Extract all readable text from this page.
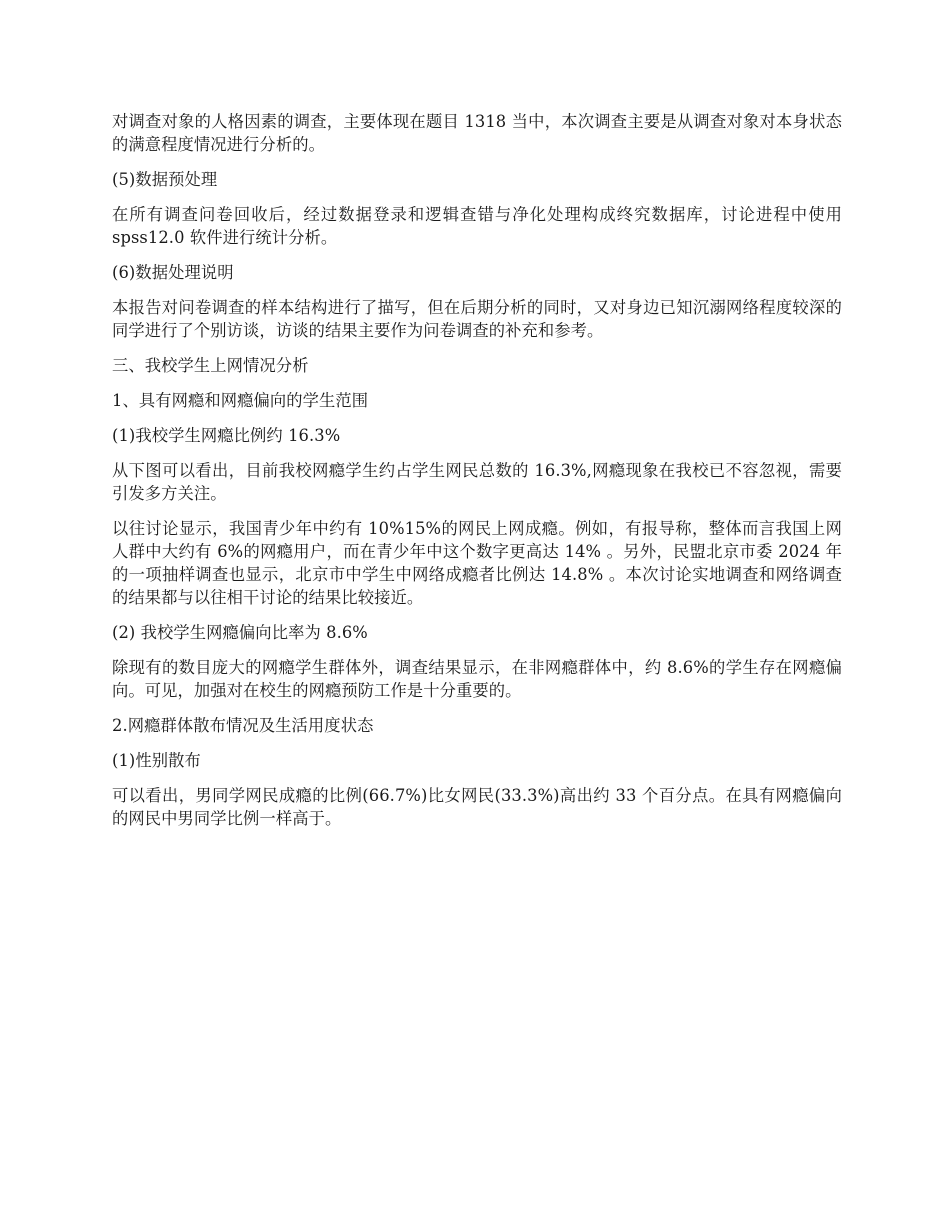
对调查对象的人格因素的调查，主要体现在题目 1318 当中，本次调查主要是从调查对象对本身状态的满意程度情况进行分析的。

(5)数据预处理

在所有调查问卷回收后，经过数据登录和逻辑查错与净化处理构成终究数据库，讨论进程中使用 spss12.0 软件进行统计分析。

(6)数据处理说明

本报告对问卷调查的样本结构进行了描写，但在后期分析的同时，又对身边已知沉溺网络程度较深的同学进行了个别访谈，访谈的结果主要作为问卷调查的补充和参考。

三、我校学生上网情况分析

1、具有网瘾和网瘾偏向的学生范围

(1)我校学生网瘾比例约 16.3%

从下图可以看出，目前我校网瘾学生约占学生网民总数的 16.3%,网瘾现象在我校已不容忽视，需要引发多方关注。

以往讨论显示，我国青少年中约有 10%15%的网民上网成瘾。例如，有报导称，整体而言我国上网人群中大约有 6%的网瘾用户，而在青少年中这个数字更高达 14% 。另外，民盟北京市委 2024 年的一项抽样调查也显示，北京市中学生中网络成瘾者比例达 14.8% 。本次讨论实地调查和网络调查的结果都与以往相干讨论的结果比较接近。

(2) 我校学生网瘾偏向比率为 8.6%

除现有的数目庞大的网瘾学生群体外，调查结果显示，在非网瘾群体中，约 8.6%的学生存在网瘾偏向。可见，加强对在校生的网瘾预防工作是十分重要的。

2.网瘾群体散布情况及生活用度状态

(1)性别散布

可以看出，男同学网民成瘾的比例(66.7%)比女网民(33.3%)高出约 33 个百分点。在具有网瘾偏向的网民中男同学比例一样高于。
